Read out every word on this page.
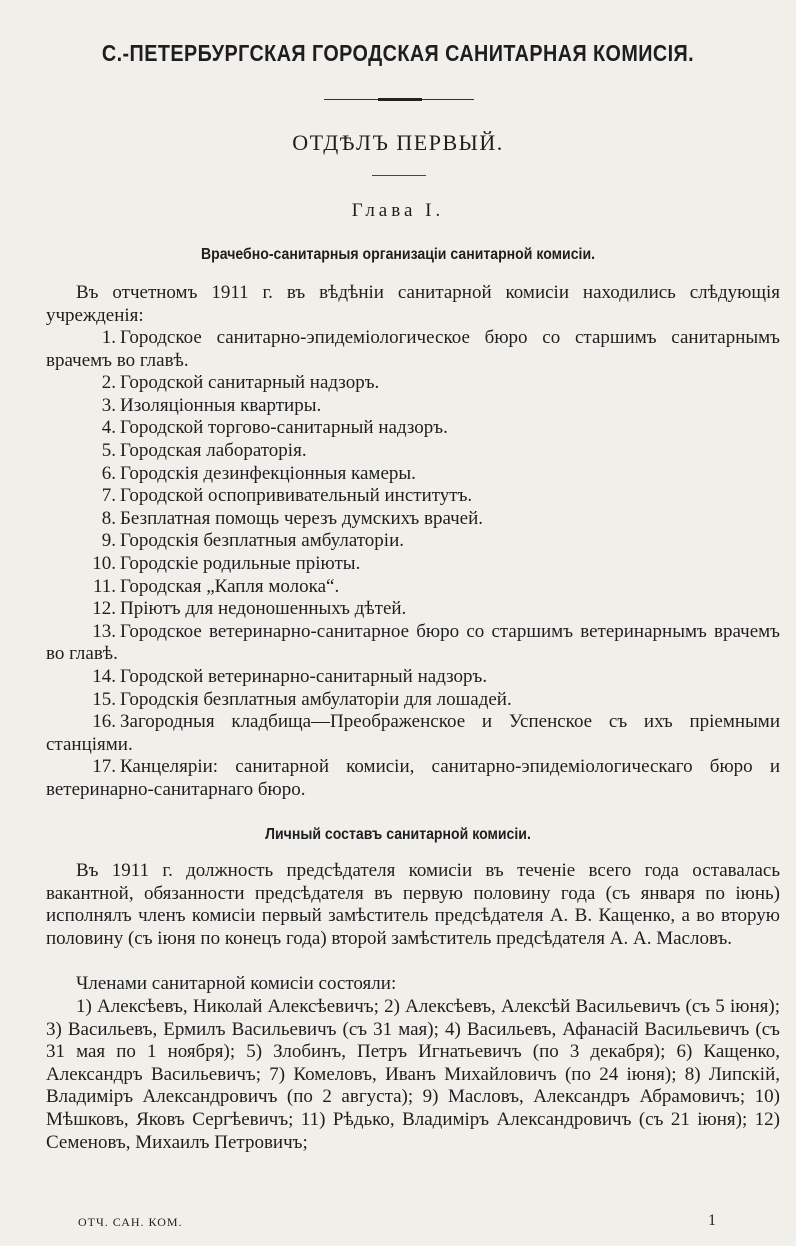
С.-ПЕТЕРБУРГСКАЯ ГОРОДСКАЯ САНИТАРНАЯ КОМИСІЯ.
ОТДѢЛЪ ПЕРВЫЙ.
Глава I.
Врачебно-санитарныя организаціи санитарной комисіи.

Въ отчетномъ 1911 г. въ вѣдѣніи санитарной комисіи находились слѣдующія учрежденія:

1. Городское санитарно-эпидеміологическое бюро со старшимъ санитарнымъ врачемъ во главѣ.
2. Городской санитарный надзоръ.
3. Изоляціонныя квартиры.
4. Городской торгово-санитарный надзоръ.
5. Городская лабораторія.
6. Городскія дезинфекціонныя камеры.
7. Городской оспопрививательный институтъ.
8. Безплатная помощь черезъ думскихъ врачей.
9. Городскія безплатныя амбулаторіи.
10. Городскіе родильные пріюты.
11. Городская „Капля молока“.
12. Пріютъ для недоношенныхъ дѣтей.
13. Городское ветеринарно-санитарное бюро со старшимъ ветеринарнымъ врачемъ во главѣ.
14. Городской ветеринарно-санитарный надзоръ.
15. Городскія безплатныя амбулаторіи для лошадей.
16. Загородныя кладбища—Преображенское и Успенское съ ихъ пріемными станціями.
17. Канцеляріи: санитарной комисіи, санитарно-эпидеміологическаго бюро и ветеринарно-санитарнаго бюро.
Личный составъ санитарной комисіи.

Въ 1911 г. должность предсѣдателя комисіи въ теченіе всего года оставалась вакантной, обязанности предсѣдателя въ первую половину года (съ января по іюнь) исполнялъ членъ комисіи первый замѣститель предсѣдателя А. В. Кащенко, а во вторую половину (съ іюня по конецъ года) второй замѣститель предсѣдателя А. А. Масловъ.

Членами санитарной комисіи состояли:

1) Алексѣевъ, Николай Алексѣевичъ; 2) Алексѣевъ, Алексѣй Васильевичъ (съ 5 іюня); 3) Васильевъ, Ермилъ Васильевичъ (съ 31 мая); 4) Васильевъ, Афанасій Васильевичъ (съ 31 мая по 1 ноября); 5) Злобинъ, Петръ Игнатьевичъ (по 3 декабря); 6) Кащенко, Александръ Васильевичъ; 7) Комеловъ, Иванъ Михайловичъ (по 24 іюня); 8) Липскій, Владиміръ Александровичъ (по 2 августа); 9) Масловъ, Александръ Абрамовичъ; 10) Мѣшковъ, Яковъ Сергѣевичъ; 11) Рѣдько, Владиміръ Александровичъ (съ 21 іюня); 12) Семеновъ, Михаилъ Петровичъ;

ОТЧ. САН. КОМ.	1
